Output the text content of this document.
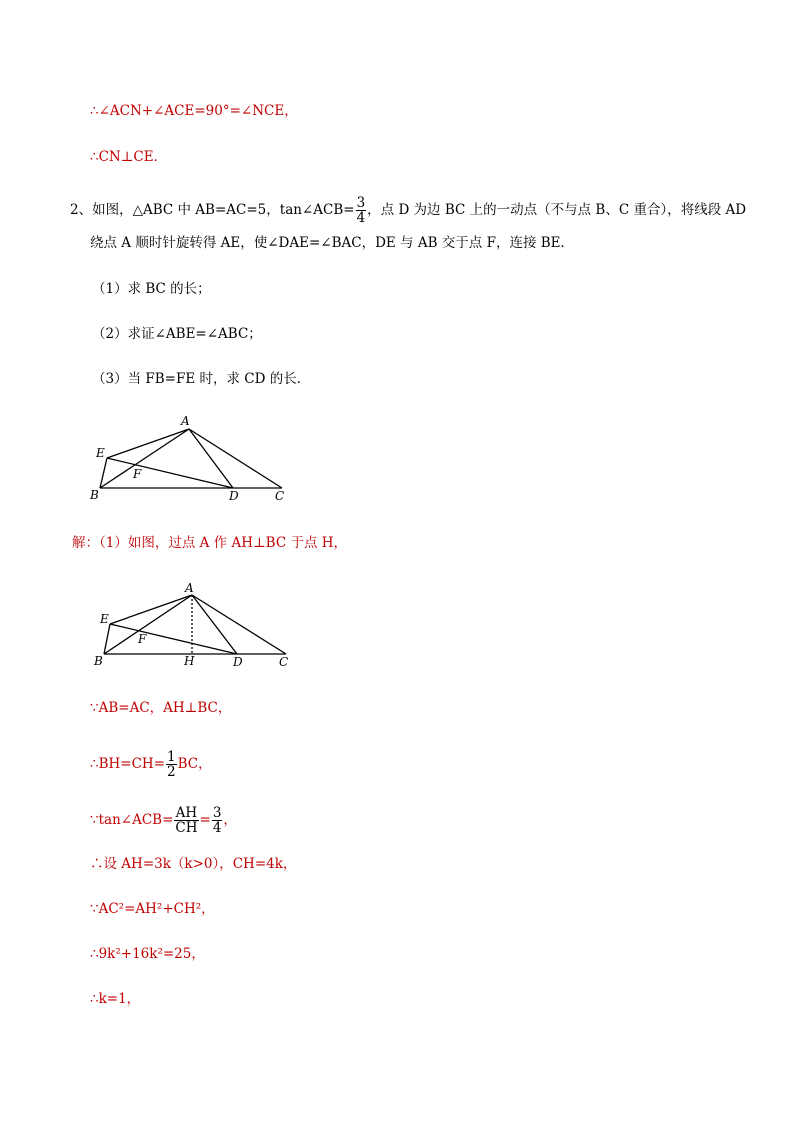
∴∠ACN+∠ACE=90°=∠NCE，
∴CN⊥CE．
2、如图，△ABC 中 AB=AC=5，tan∠ACB= $\frac{3}{4}$ ，点 D 为边 BC 上的一动点（不与点 B、C 重合），将线段 AD
绕点 A 顺时针旋转得 AE，使∠DAE=∠BAC，DE 与 AB 交于点 F，连接 BE．
（1）求 BC 的长；
（2）求证∠ABE=∠ABC；
（3）当 FB=FE 时，求 CD 的长．
A
E
F
B	D	C
解：（1）如图，过点 A 作 AH⊥BC 于点 H，
A
E
F
B	H	D	C
∵AB=AC，AH⊥BC，
∴BH=CH= $\frac{1}{2}$ BC，
∵tan∠ACB= $\frac{AH}{CH} = \frac{3}{4}$ ，
∴设 AH=3k（k>0），CH=4k，
∵AC²=AH²+CH²，
∴9k²+16k²=25，
∴k=1，
